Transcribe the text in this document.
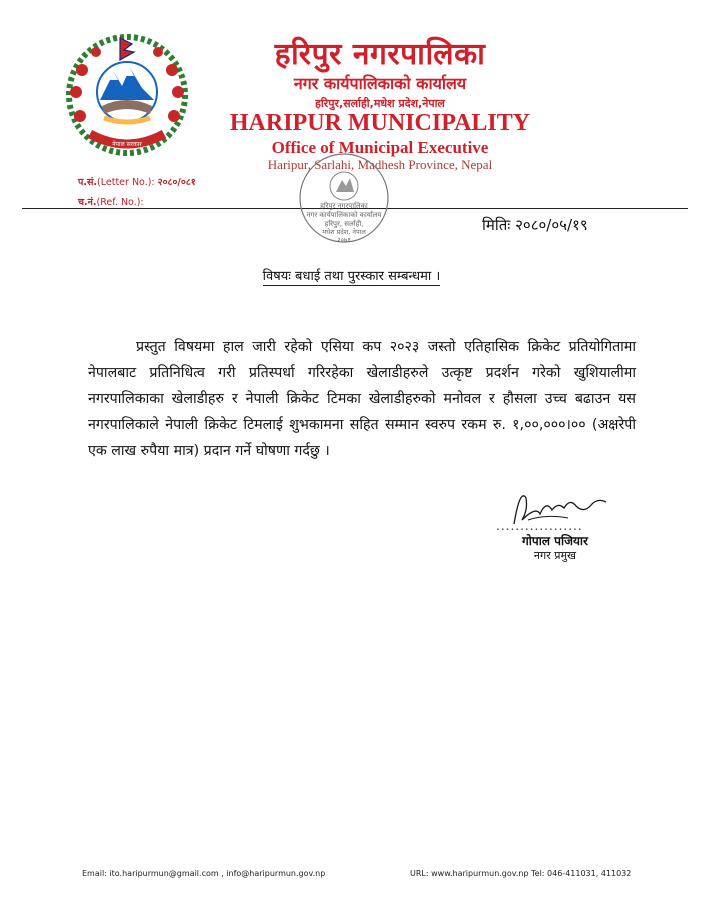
नेपाल सरकार
हरिपुर नगरपालिका
नगर कार्यपालिकाको कार्यालय
हरिपुर,सर्लाही,मधेश प्रदेश,नेपाल
HARIPUR MUNICIPALITY
Office of Municipal Executive
Haripur, Sarlahi, Madhesh Province, Nepal
प.सं.(Letter No.): २०८०/०८१
च.नं.(Ref. No.):	हरिपुर नगरपालिका
नगर कार्यपालिकाको कार्यालय
हरिपुर, सर्लाही,
मधेश प्रदेश, नेपाल
२०७१
मितिः २०८०/०५/१९
विषयः बधाई तथा पुरस्कार सम्बन्धमा ।

प्रस्तुत विषयमा हाल जारी रहेको एसिया कप २०२३ जस्तो एतिहासिक क्रिकेट प्रतियोगितामा नेपालबाट प्रतिनिधित्व गरी प्रतिस्पर्धा गरिरहेका खेलाडीहरुले उत्कृष्ट प्रदर्शन गरेको खुशियालीमा नगरपालिकाका खेलाडीहरु र नेपाली क्रिकेट टिमका खेलाडीहरुको मनोवल र हौसला उच्च बढाउन यस नगरपालिकाले नेपाली क्रिकेट टिमलाई शुभकामना सहित सम्मान स्वरुप रकम रु. १,००,०००।०० (अक्षरेपी एक लाख रुपैया मात्र) प्रदान गर्ने घोषणा गर्दछु ।

..................
गोपाल पजियार
नगर प्रमुख
Email: ito.haripurmun@gmail.com , info@haripurmun.gov.np	URL: www.haripurmun.gov.np Tel: 046-411031, 411032
